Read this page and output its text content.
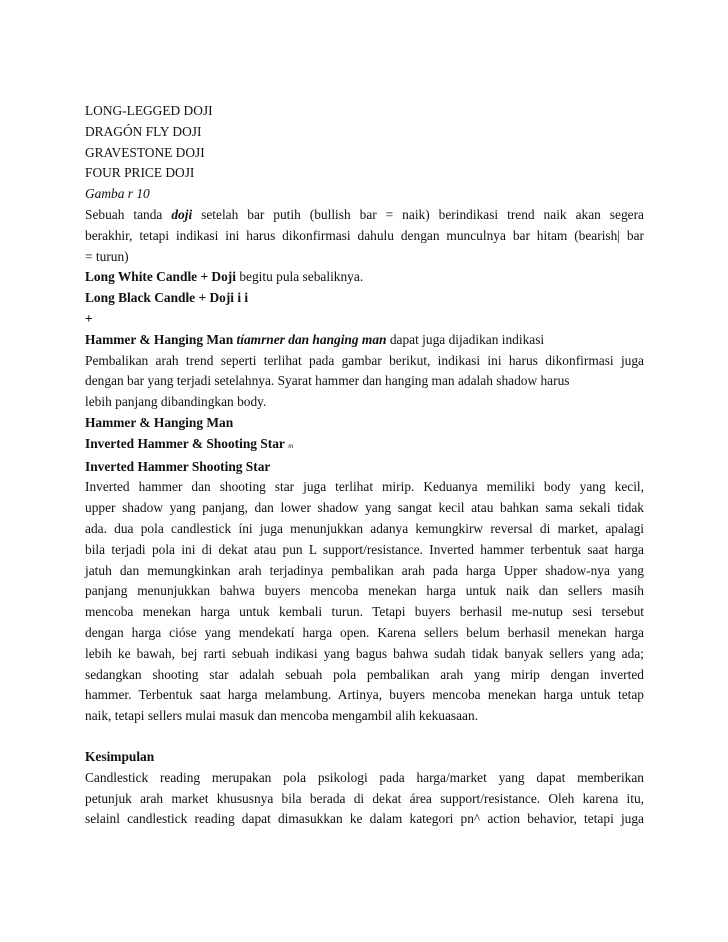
LONG-LEGGED DOJI
DRAGÓN FLY DOJI
GRAVESTONE DOJI
FOUR PRICE DOJI
Gamba r 10
Sebuah tanda doji setelah bar putih (bullish bar = naik) berindikasi trend naik akan segera
berakhir, tetapi indikasi ini harus dikonfirmasi dahulu dengan munculnya bar hitam (bearish| bar
= turun)
Long White Candle + Doji begitu pula sebaliknya.
Long Black Candle + Doji i i
+
Hammer & Hanging Man tíamrner dan hanging man dapat juga dijadikan indikasi
Pembalikan arah trend seperti terlihat pada gambar berikut, indikasi ini harus dikonfirmasi juga
dengan bar yang terjadi setelahnya. Syarat hammer dan hanging man adalah shadow harus
lebih panjang dibandingkan body.
Hammer & Hanging Man
Inverted Hammer & Shooting Star m
Inverted Hammer Shooting Star
Inverted hammer dan shooting star juga terlihat mirip. Keduanya memiliki body yang kecil,
upper shadow yang panjang, dan lower shadow yang sangat kecil atau bahkan sama sekali tidak
ada. dua pola candlestick íni juga menunjukkan adanya kemungkirw reversal di market, apalagi
bila terjadi pola ini di dekat atau pun L support/resistance. Inverted hammer terbentuk saat harga
jatuh dan memungkinkan arah terjadinya pembalikan arah pada harga Upper shadow-nya yang
panjang menunjukkan bahwa buyers mencoba menekan harga untuk naik dan sellers masih
mencoba menekan harga untuk kembali turun. Tetapi buyers berhasil me-nutup sesi tersebut
dengan harga cióse yang mendekatí harga open. Karena sellers belum berhasil menekan harga
lebih ke bawah, bej rarti sebuah indikasi yang bagus bahwa sudah tidak banyak sellers yang ada;
sedangkan shooting star adalah sebuah pola pembalikan arah yang mirip dengan inverted
hammer. Terbentuk saat harga melambung. Artinya, buyers mencoba menekan harga untuk tetap
naik, tetapi sellers mulai masuk dan mencoba mengambil alih kekuasaan.
Kesimpulan
Candlestick reading merupakan pola psikologi pada harga/market yang dapat memberikan
petunjuk arah market khususnya bila berada di dekat área support/resistance. Oleh karena itu,
selainl candlestick reading dapat dimasukkan ke dalam kategori pn^ action behavior, tetapi juga
